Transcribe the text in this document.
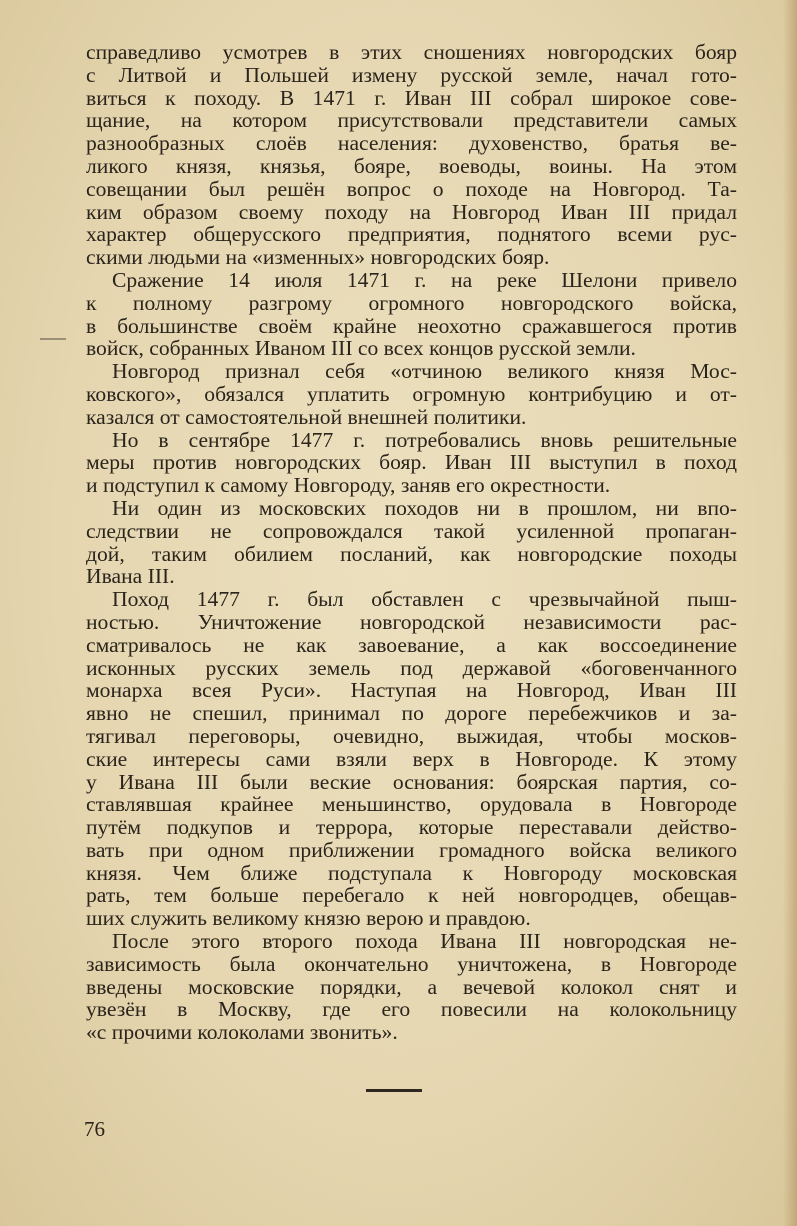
справедливо усмотрев в этих сношениях новгородских бояр
с Литвой и Польшей измену русской земле, начал гото-
виться к походу. В 1471 г. Иван III собрал широкое сове-
щание, на котором присутствовали представители самых
разнообразных слоёв населения: духовенство, братья ве-
ликого князя, князья, бояре, воеводы, воины. На этом
совещании был решён вопрос о походе на Новгород. Та-
ким образом своему походу на Новгород Иван III придал
характер общерусского предприятия, поднятого всеми рус-
скими людьми на «изменных» новгородских бояр.
Сражение 14 июля 1471 г. на реке Шелони привело
к полному разгрому огромного новгородского войска,
в большинстве своём крайне неохотно сражавшегося против
войск, собранных Иваном III со всех концов русской земли.
Новгород признал себя «отчиною великого князя Мос-
ковского», обязался уплатить огромную контрибуцию и от-
казался от самостоятельной внешней политики.
Но в сентябре 1477 г. потребовались вновь решительные
меры против новгородских бояр. Иван III выступил в поход
и подступил к самому Новгороду, заняв его окрестности.
Ни один из московских походов ни в прошлом, ни впо-
следствии не сопровождался такой усиленной пропаган-
дой, таким обилием посланий, как новгородские походы
Ивана III.
Поход 1477 г. был обставлен с чрезвычайной пыш-
ностью. Уничтожение новгородской независимости рас-
сматривалось не как завоевание, а как воссоединение
исконных русских земель под державой «боговенчанного
монарха всея Руси». Наступая на Новгород, Иван III
явно не спешил, принимал по дороге перебежчиков и за-
тягивал переговоры, очевидно, выжидая, чтобы москов-
ские интересы сами взяли верх в Новгороде. К этому
у Ивана III были веские основания: боярская партия, со-
ставлявшая крайнее меньшинство, орудовала в Новгороде
путём подкупов и террора, которые переставали действо-
вать при одном приближении громадного войска великого
князя. Чем ближе подступала к Новгороду московская
рать, тем больше перебегало к ней новгородцев, обещав-
ших служить великому князю верою и правдою.
После этого второго похода Ивана III новгородская не-
зависимость была окончательно уничтожена, в Новгороде
введены московские порядки, а вечевой колокол снят и
увезён в Москву, где его повесили на колокольницу
«с прочими колоколами звонить».
76
